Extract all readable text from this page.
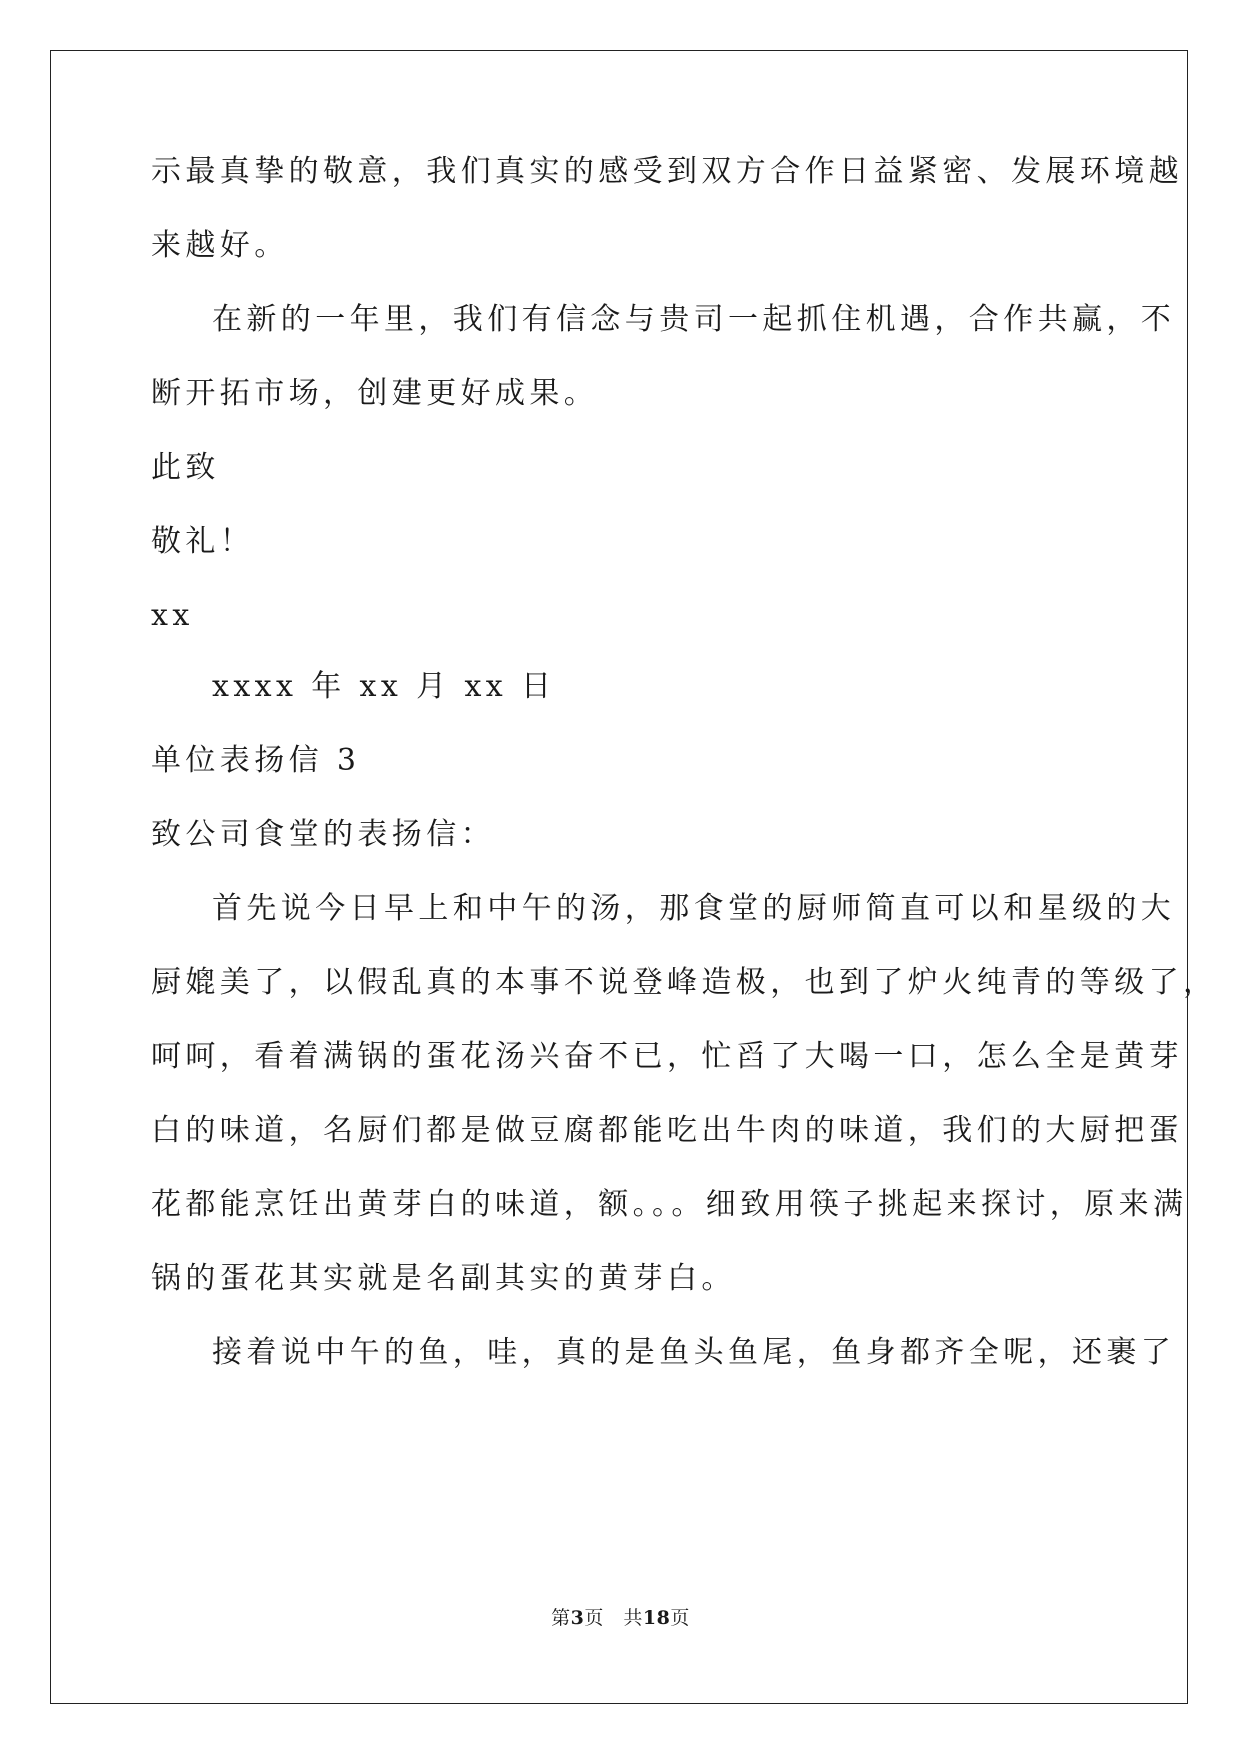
示最真挚的敬意，我们真实的感受到双方合作日益紧密、发展环境越
来越好。
在新的一年里，我们有信念与贵司一起抓住机遇，合作共赢，不
断开拓市场，创建更好成果。
此致
敬礼！
xx
xxxx 年 xx 月 xx 日
单位表扬信 3
致公司食堂的表扬信：
首先说今日早上和中午的汤，那食堂的厨师简直可以和星级的大
厨媲美了，以假乱真的本事不说登峰造极，也到了炉火纯青的等级了，
呵呵，看着满锅的蛋花汤兴奋不已，忙舀了大喝一口，怎么全是黄芽
白的味道，名厨们都是做豆腐都能吃出牛肉的味道，我们的大厨把蛋
花都能烹饪出黄芽白的味道，额。。。细致用筷子挑起来探讨，原来满
锅的蛋花其实就是名副其实的黄芽白。
接着说中午的鱼，哇，真的是鱼头鱼尾，鱼身都齐全呢，还裹了
第3页　共18页
